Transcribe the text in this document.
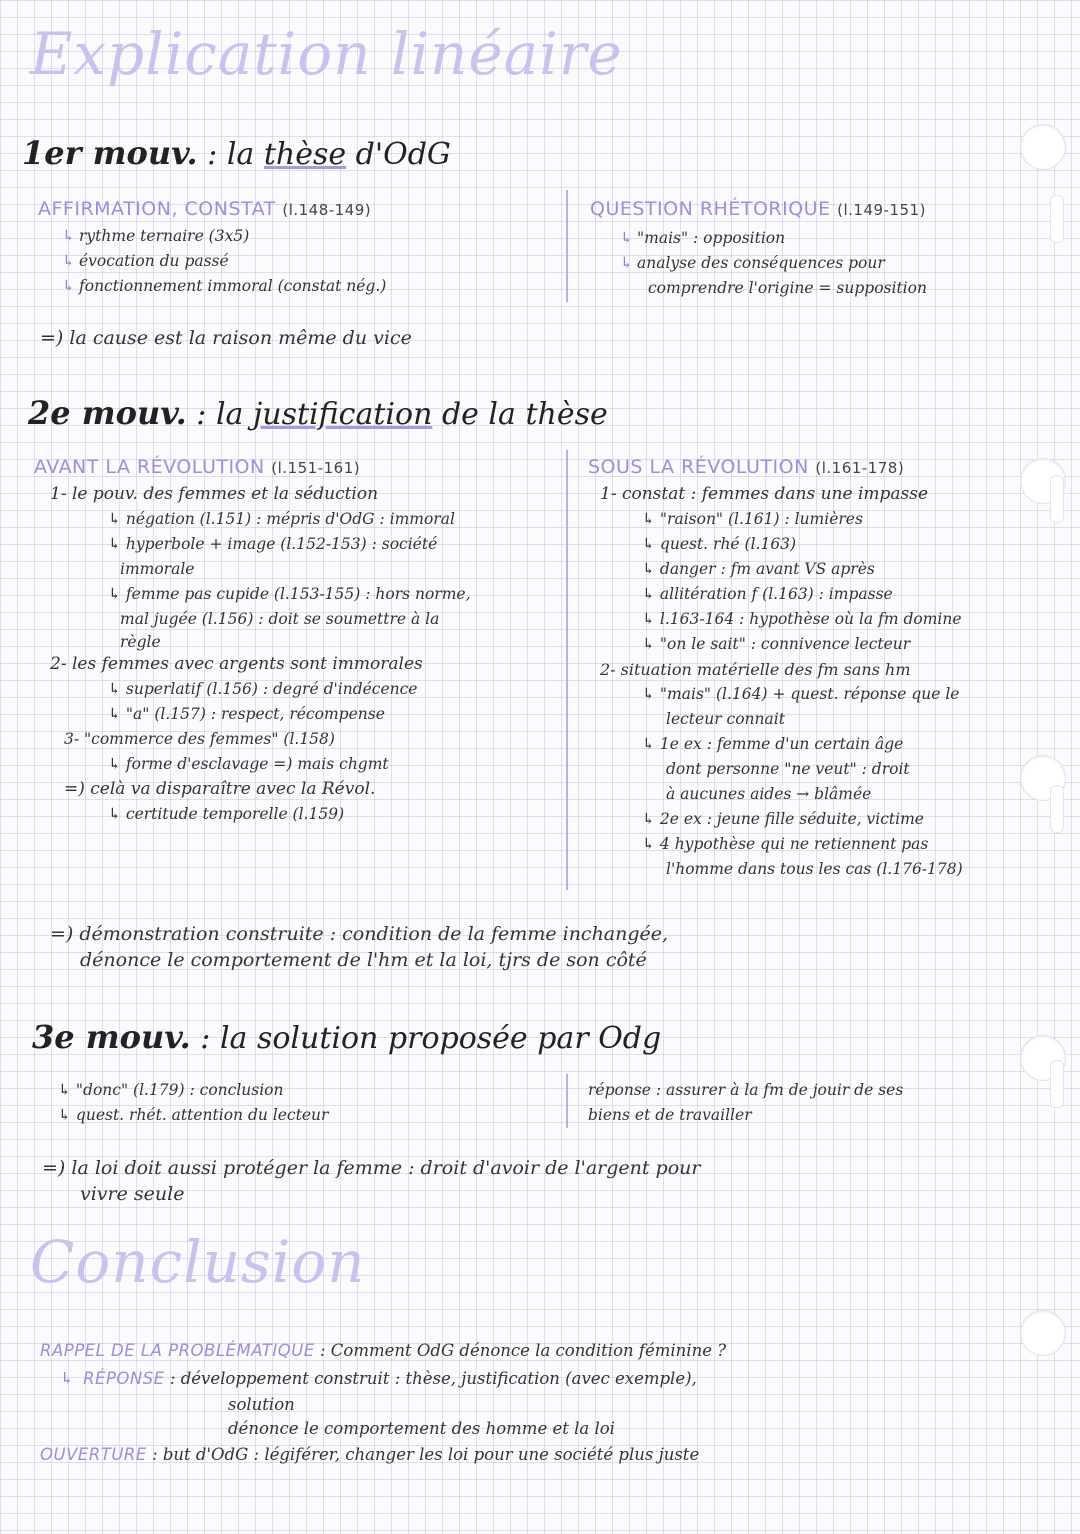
Explication linéaire
1er mouv. : la thèse d'OdG
AFFIRMATION, CONSTAT (l.148-149)
↳ rythme ternaire (3x5)
↳ évocation du passé
↳ fonctionnement immoral (constat nég.)
QUESTION RHÉTORIQUE (l.149-151)
↳ "mais" : opposition
↳ analyse des conséquences pour
comprendre l'origine = supposition
=) la cause est la raison même du vice
2e mouv. : la justification de la thèse
AVANT LA RÉVOLUTION (l.151-161)
1- le pouv. des femmes et la séduction
↳ négation (l.151) : mépris d'OdG : immoral
↳ hyperbole + image (l.152-153) : société
immorale
↳ femme pas cupide (l.153-155) : hors norme,
mal jugée (l.156) : doit se soumettre à la
règle
2- les femmes avec argents sont immorales
↳ superlatif (l.156) : degré d'indécence
↳ "a" (l.157) : respect, récompense
3- "commerce des femmes" (l.158)
↳ forme d'esclavage =) mais chgmt
=) celà va disparaître avec la Révol.
↳ certitude temporelle (l.159)
SOUS LA RÉVOLUTION (l.161-178)
1- constat : femmes dans une impasse
↳ "raison" (l.161) : lumières
↳ quest. rhé (l.163)
↳ danger : fm avant VS après
↳ allitération f (l.163) : impasse
↳ l.163-164 : hypothèse où la fm domine
↳ "on le sait" : connivence lecteur
2- situation matérielle des fm sans hm
↳ "mais" (l.164) + quest. réponse que le
lecteur connait
↳ 1e ex : femme d'un certain âge
dont personne "ne veut" : droit
à aucunes aides → blâmée
↳ 2e ex : jeune fille séduite, victime
↳ 4 hypothèse qui ne retiennent pas
l'homme dans tous les cas (l.176-178)
=) démonstration construite : condition de la femme inchangée,
dénonce le comportement de l'hm et la loi, tjrs de son côté
3e mouv. : la solution proposée par Odg
↳ "donc" (l.179) : conclusion
↳ quest. rhét. attention du lecteur
réponse : assurer à la fm de jouir de ses
biens et de travailler
=) la loi doit aussi protéger la femme : droit d'avoir de l'argent pour
vivre seule
Conclusion
RAPPEL DE LA PROBLÉMATIQUE : Comment OdG dénonce la condition féminine ?
↳ RÉPONSE : développement construit : thèse, justification (avec exemple),
solution
dénonce le comportement des homme et la loi
OUVERTURE : but d'OdG : légiférer, changer les loi pour une société plus juste
